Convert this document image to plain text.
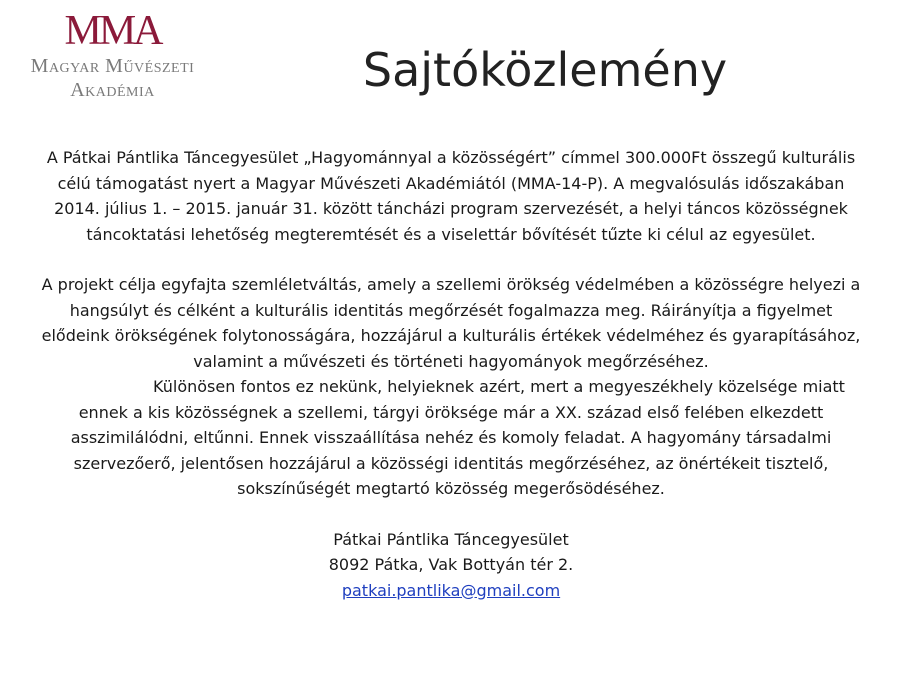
MMA
Magyar Művészeti
Akadémia	Sajtóközlemény

A Pátkai Pántlika Táncegyesület „Hagyománnyal a közösségért” címmel 300.000Ft összegű kulturális célú támogatást nyert a Magyar Művészeti Akadémiától (MMA-14-P). A megvalósulás időszakában 2014. július 1. – 2015. január 31. között táncházi program szervezését, a helyi táncos közösségnek táncoktatási lehetőség megteremtését és a viselettár bővítését tűzte ki célul az egyesület.

A projekt célja egyfajta szemléletváltás, amely a szellemi örökség védelmében a közösségre helyezi a hangsúlyt és célként a kulturális identitás megőrzését fogalmazza meg. Ráirányítja a figyelmet elődeink örökségének folytonosságára, hozzájárul a kulturális értékek védelméhez és gyarapításához, valamint a művészeti és történeti hagyományok megőrzéséhez.

Különösen fontos ez nekünk, helyieknek azért, mert a megyeszékhely közelsége miatt ennek a kis közösségnek a szellemi, tárgyi öröksége már a XX. század első felében elkezdett asszimilálódni, eltűnni. Ennek visszaállítása nehéz és komoly feladat. A hagyomány társadalmi szervezőerő, jelentősen hozzájárul a közösségi identitás megőrzéséhez, az önértékeit tisztelő, sokszínűségét megtartó közösség megerősödéséhez.

Pátkai Pántlika Táncegyesület

8092 Pátka, Vak Bottyán tér 2.

patkai.pantlika@gmail.com
